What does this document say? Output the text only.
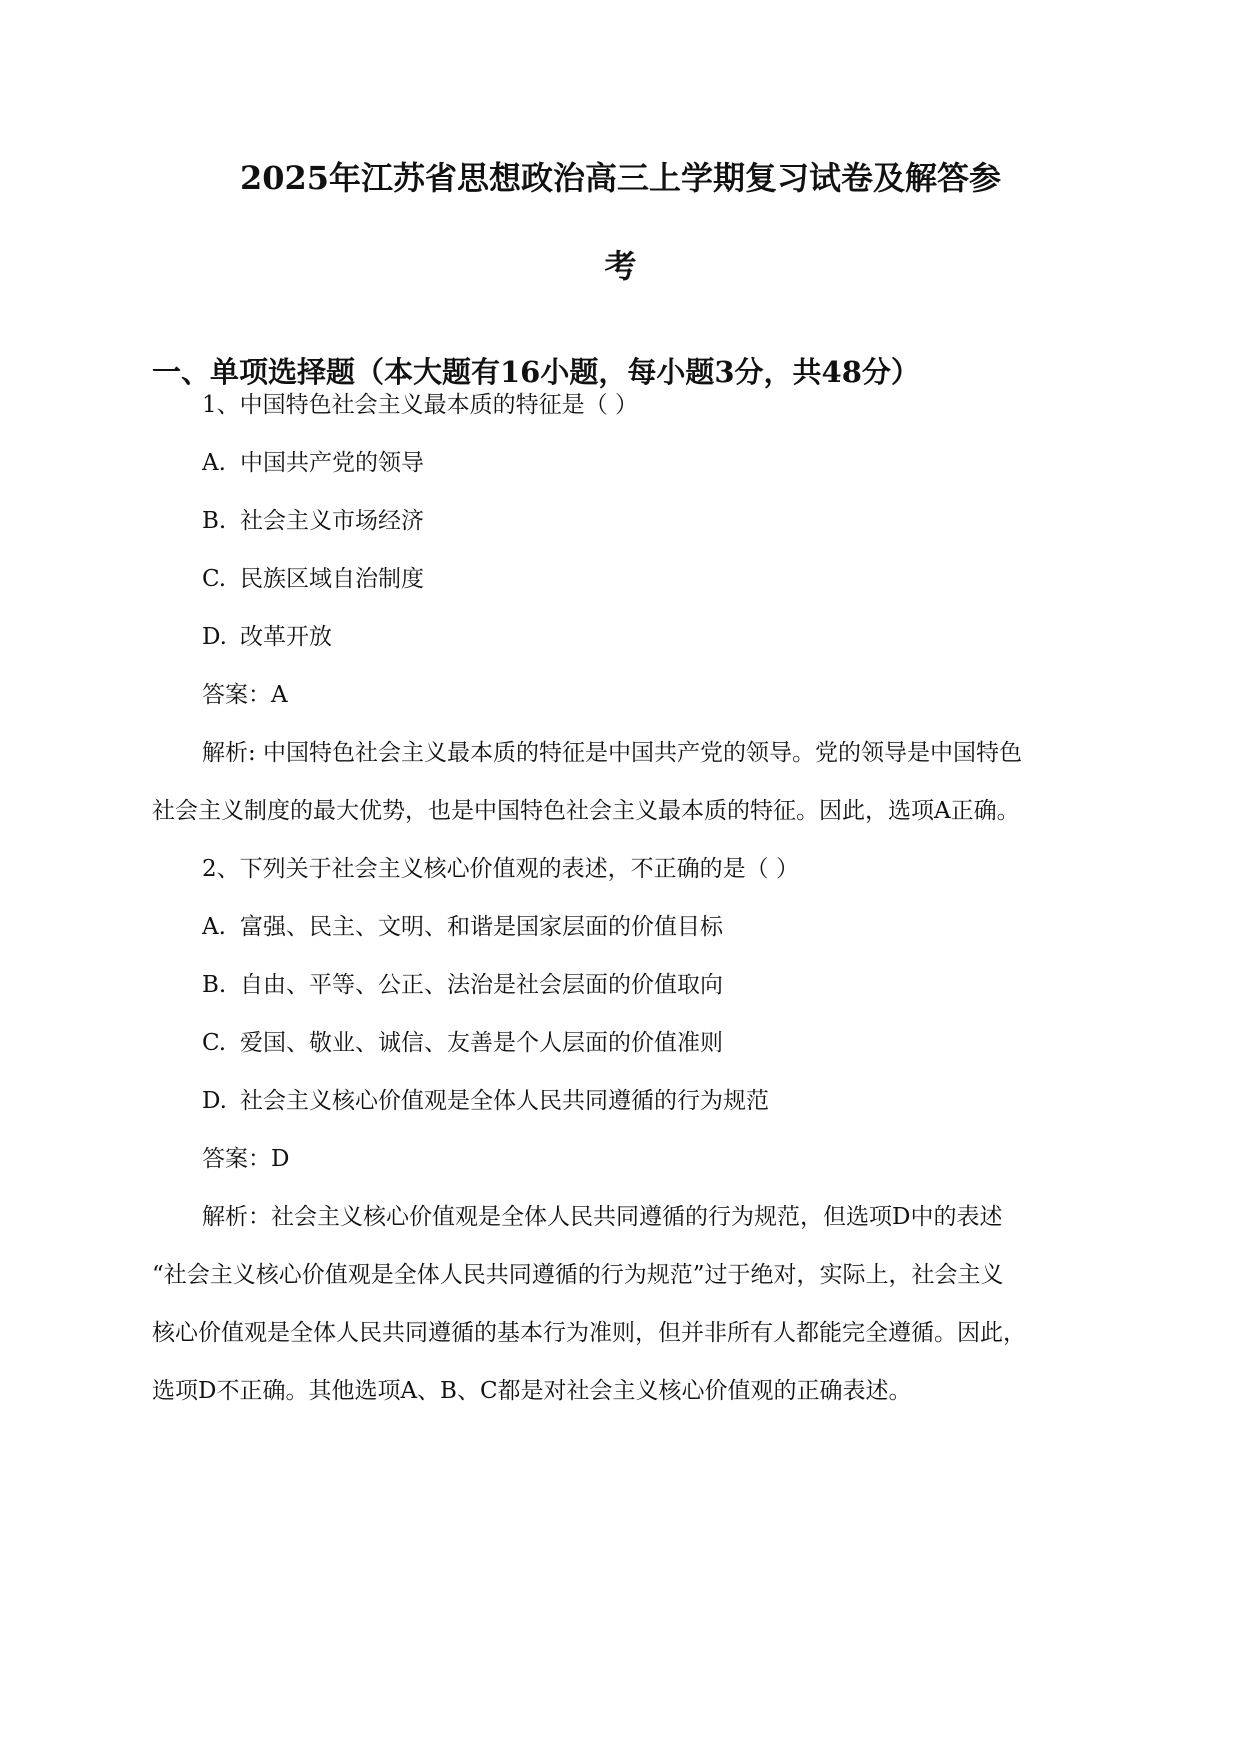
2025年江苏省思想政治高三上学期复习试卷及解答参
考
一、单项选择题（本大题有16小题，每小题3分，共48分）
1、中国特色社会主义最本质的特征是（ ）
A. 中国共产党的领导
B. 社会主义市场经济
C. 民族区域自治制度
D. 改革开放
答案：A
解析: 中国特色社会主义最本质的特征是中国共产党的领导。党的领导是中国特色
社会主义制度的最大优势，也是中国特色社会主义最本质的特征。因此，选项A正确。
2、下列关于社会主义核心价值观的表述，不正确的是（ ）
A. 富强、民主、文明、和谐是国家层面的价值目标
B. 自由、平等、公正、法治是社会层面的价值取向
C. 爱国、敬业、诚信、友善是个人层面的价值准则
D. 社会主义核心价值观是全体人民共同遵循的行为规范
答案：D
解析：社会主义核心价值观是全体人民共同遵循的行为规范，但选项D中的表述
“社会主义核心价值观是全体人民共同遵循的行为规范”过于绝对，实际上，社会主义
核心价值观是全体人民共同遵循的基本行为准则，但并非所有人都能完全遵循。因此，
选项D不正确。其他选项A、B、C都是对社会主义核心价值观的正确表述。
